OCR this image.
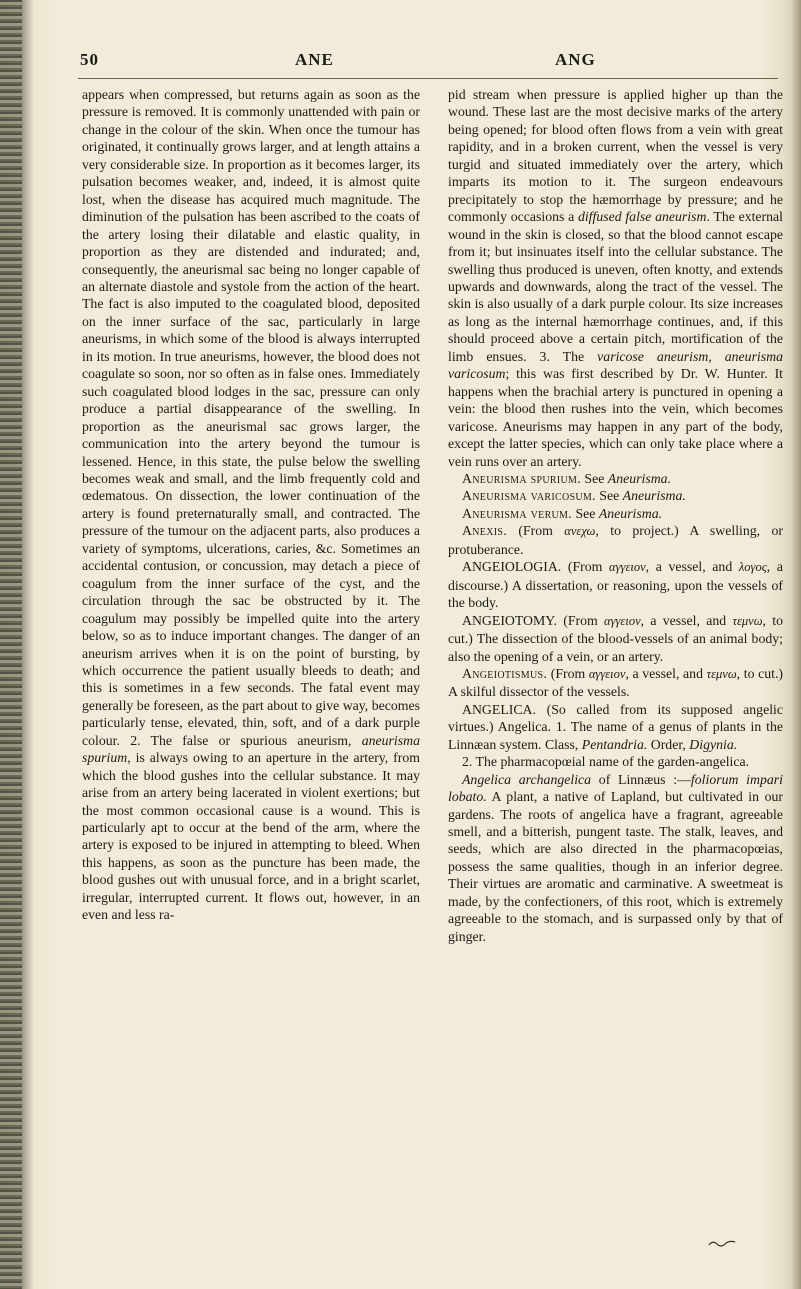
50	ANE	ANG

appears when compressed, but returns again as soon as the pressure is removed. It is commonly unattended with pain or change in the colour of the skin. When once the tumour has originated, it continually grows larger, and at length attains a very considerable size. In proportion as it becomes larger, its pulsation becomes weaker, and, indeed, it is almost quite lost, when the disease has acquired much magnitude. The diminution of the pulsation has been ascribed to the coats of the artery losing their dilatable and elastic quality, in proportion as they are distended and indurated; and, consequently, the aneurismal sac being no longer capable of an alternate diastole and systole from the action of the heart. The fact is also imputed to the coagulated blood, deposited on the inner surface of the sac, particularly in large aneurisms, in which some of the blood is always interrupted in its motion. In true aneurisms, however, the blood does not coagulate so soon, nor so often as in false ones. Immediately such coagulated blood lodges in the sac, pressure can only produce a partial disappearance of the swelling. In proportion as the aneurismal sac grows larger, the communication into the artery beyond the tumour is lessened. Hence, in this state, the pulse below the swelling becomes weak and small, and the limb frequently cold and œdematous. On dissection, the lower continuation of the artery is found preternaturally small, and contracted. The pressure of the tumour on the adjacent parts, also produces a variety of symptoms, ulcerations, caries, &c. Sometimes an accidental contusion, or concussion, may detach a piece of coagulum from the inner surface of the cyst, and the circulation through the sac be obstructed by it. The coagulum may possibly be impelled quite into the artery below, so as to induce important changes. The danger of an aneurism arrives when it is on the point of bursting, by which occurrence the patient usually bleeds to death; and this is sometimes in a few seconds. The fatal event may generally be foreseen, as the part about to give way, becomes particularly tense, elevated, thin, soft, and of a dark purple colour. 2. The false or spurious aneurism, aneurisma spurium, is always owing to an aperture in the artery, from which the blood gushes into the cellular substance. It may arise from an artery being lacerated in violent exertions; but the most common occasional cause is a wound. This is particularly apt to occur at the bend of the arm, where the artery is exposed to be injured in attempting to bleed. When this happens, as soon as the puncture has been made, the blood gushes out with unusual force, and in a bright scarlet, irregular, interrupted current. It flows out, however, in an even and less ra-

pid stream when pressure is applied higher up than the wound. These last are the most decisive marks of the artery being opened; for blood often flows from a vein with great rapidity, and in a broken current, when the vessel is very turgid and situated immediately over the artery, which imparts its motion to it. The surgeon endeavours precipitately to stop the hæmorrhage by pressure; and he commonly occasions a diffused false aneurism. The external wound in the skin is closed, so that the blood cannot escape from it; but insinuates itself into the cellular substance. The swelling thus produced is uneven, often knotty, and extends upwards and downwards, along the tract of the vessel. The skin is also usually of a dark purple colour. Its size increases as long as the internal hæmorrhage continues, and, if this should proceed above a certain pitch, mortification of the limb ensues. 3. The varicose aneurism, aneurisma varicosum; this was first described by Dr. W. Hunter. It happens when the brachial artery is punctured in opening a vein: the blood then rushes into the vein, which becomes varicose. Aneurisms may happen in any part of the body, except the latter species, which can only take place where a vein runs over an artery.

Aneurisma spurium. See Aneurisma.

Aneurisma varicosum. See Aneurisma.

Aneurisma verum. See Aneurisma.

Anexis. (From ανεχω, to project.) A swelling, or protuberance.

ANGEIOLOGIA. (From αγγειον, a vessel, and λογος, a discourse.) A dissertation, or reasoning, upon the vessels of the body.

ANGEIOTOMY. (From αγγειον, a vessel, and τεμνω, to cut.) The dissection of the blood-vessels of an animal body; also the opening of a vein, or an artery.

Angeiotismus. (From αγγειον, a vessel, and τεμνω, to cut.) A skilful dissector of the vessels.

ANGELICA. (So called from its supposed angelic virtues.) Angelica. 1. The name of a genus of plants in the Linnæan system. Class, Pentandria. Order, Digynia.

2. The pharmacopœial name of the garden-angelica.

Angelica archangelica of Linnæus :—foliorum impari lobato. A plant, a native of Lapland, but cultivated in our gardens. The roots of angelica have a fragrant, agreeable smell, and a bitterish, pungent taste. The stalk, leaves, and seeds, which are also directed in the pharmacopœias, possess the same qualities, though in an inferior degree. Their virtues are aromatic and carminative. A sweetmeat is made, by the confectioners, of this root, which is extremely agreeable to the stomach, and is surpassed only by that of ginger.
